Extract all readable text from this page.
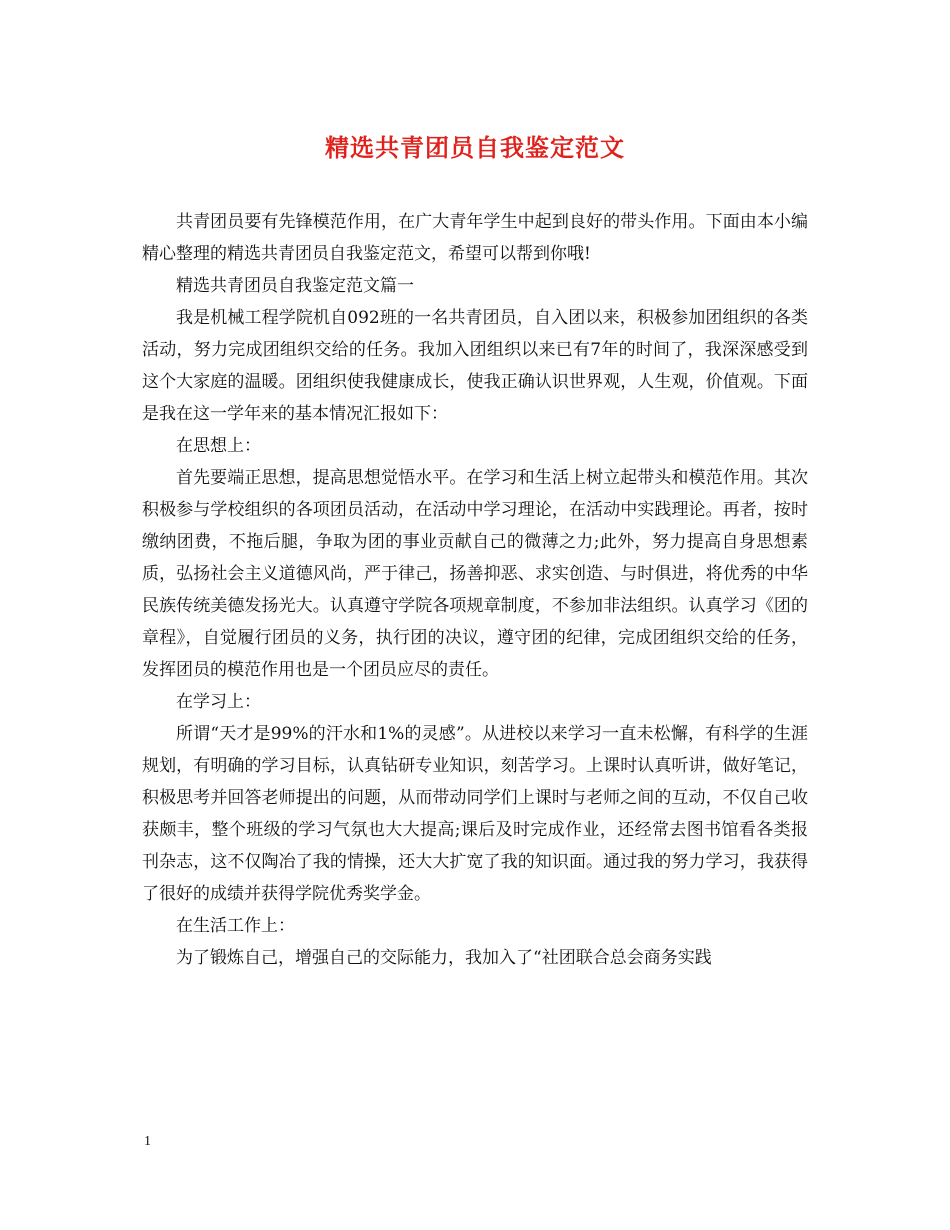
精选共青团员自我鉴定范文

共青团员要有先锋模范作用，在广大青年学生中起到良好的带头作用。下面由本小编精心整理的精选共青团员自我鉴定范文，希望可以帮到你哦!

精选共青团员自我鉴定范文篇一

我是机械工程学院机自092班的一名共青团员，自入团以来，积极参加团组织的各类活动，努力完成团组织交给的任务。我加入团组织以来已有7年的时间了，我深深感受到这个大家庭的温暖。团组织使我健康成长，使我正确认识世界观，人生观，价值观。下面是我在这一学年来的基本情况汇报如下：

在思想上：

首先要端正思想，提高思想觉悟水平。在学习和生活上树立起带头和模范作用。其次积极参与学校组织的各项团员活动，在活动中学习理论，在活动中实践理论。再者，按时缴纳团费，不拖后腿，争取为团的事业贡献自己的微薄之力;此外，努力提高自身思想素质，弘扬社会主义道德风尚，严于律己，扬善抑恶、求实创造、与时俱进，将优秀的中华民族传统美德发扬光大。认真遵守学院各项规章制度，不参加非法组织。认真学习《团的章程》，自觉履行团员的义务，执行团的决议，遵守团的纪律，完成团组织交给的任务，发挥团员的模范作用也是一个团员应尽的责任。

在学习上：

所谓“天才是99%的汗水和1%的灵感”。从进校以来学习一直未松懈，有科学的生涯规划，有明确的学习目标，认真钻研专业知识，刻苦学习。上课时认真听讲，做好笔记，积极思考并回答老师提出的问题，从而带动同学们上课时与老师之间的互动，不仅自己收获颇丰，整个班级的学习气氛也大大提高;课后及时完成作业，还经常去图书馆看各类报刊杂志，这不仅陶冶了我的情操，还大大扩宽了我的知识面。通过我的努力学习，我获得了很好的成绩并获得学院优秀奖学金。

在生活工作上：

为了锻炼自己，增强自己的交际能力，我加入了“社团联合总会商务实践

1
